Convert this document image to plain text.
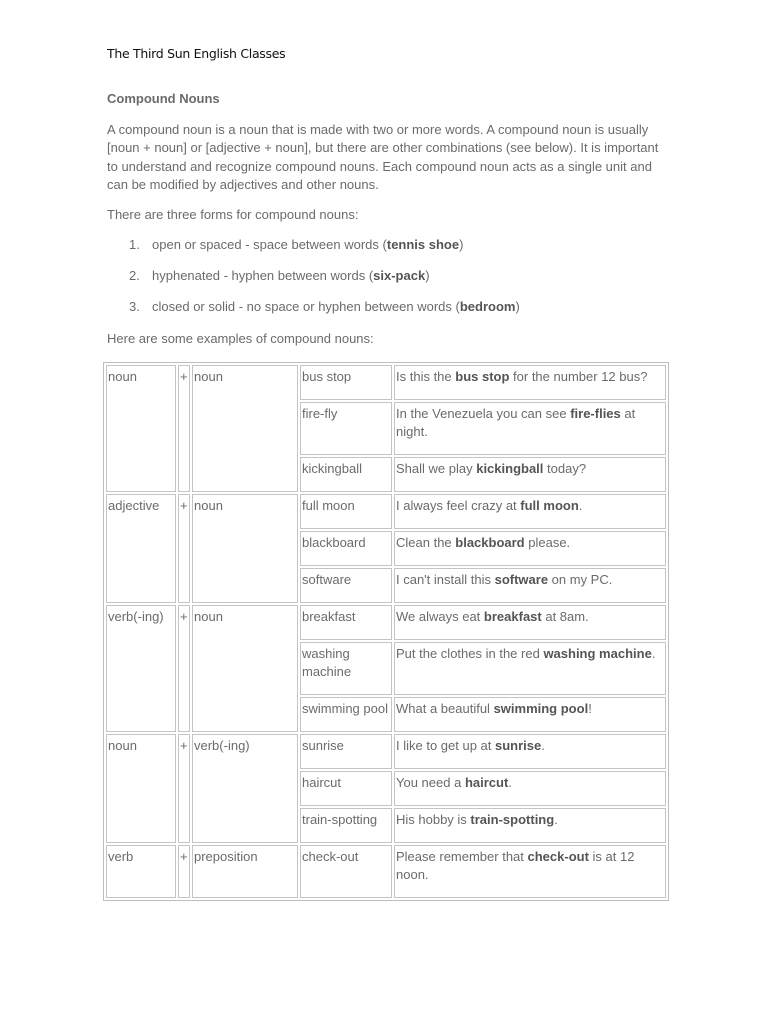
The Third Sun English Classes
Compound Nouns

A compound noun is a noun that is made with two or more words. A compound noun is usually [noun + noun] or [adjective + noun], but there are other combinations (see below). It is important to understand and recognize compound nouns. Each compound noun acts as a single unit and can be modified by adjectives and other nouns.

There are three forms for compound nouns:

1. open or spaced - space between words (tennis shoe)
2. hyphenated - hyphen between words (six-pack)
3. closed or solid - no space or hyphen between words (bedroom)

Here are some examples of compound nouns:

noun	+	noun	bus stop	Is this the bus stop for the number 12 bus?
			fire-fly	In the Venezuela you can see fire-flies at night.
			kickingball	Shall we play kickingball today?
adjective	+	noun	full moon	I always feel crazy at full moon.
			blackboard	Clean the blackboard please.
			software	I can't install this software on my PC.
verb(-ing)	+	noun	breakfast	We always eat breakfast at 8am.
			washing machine	Put the clothes in the red washing machine.
			swimming pool	What a beautiful swimming pool!
noun	+	verb(-ing)	sunrise	I like to get up at sunrise.
			haircut	You need a haircut.
			train-spotting	His hobby is train-spotting.
verb	+	preposition	check-out	Please remember that check-out is at 12 noon.
